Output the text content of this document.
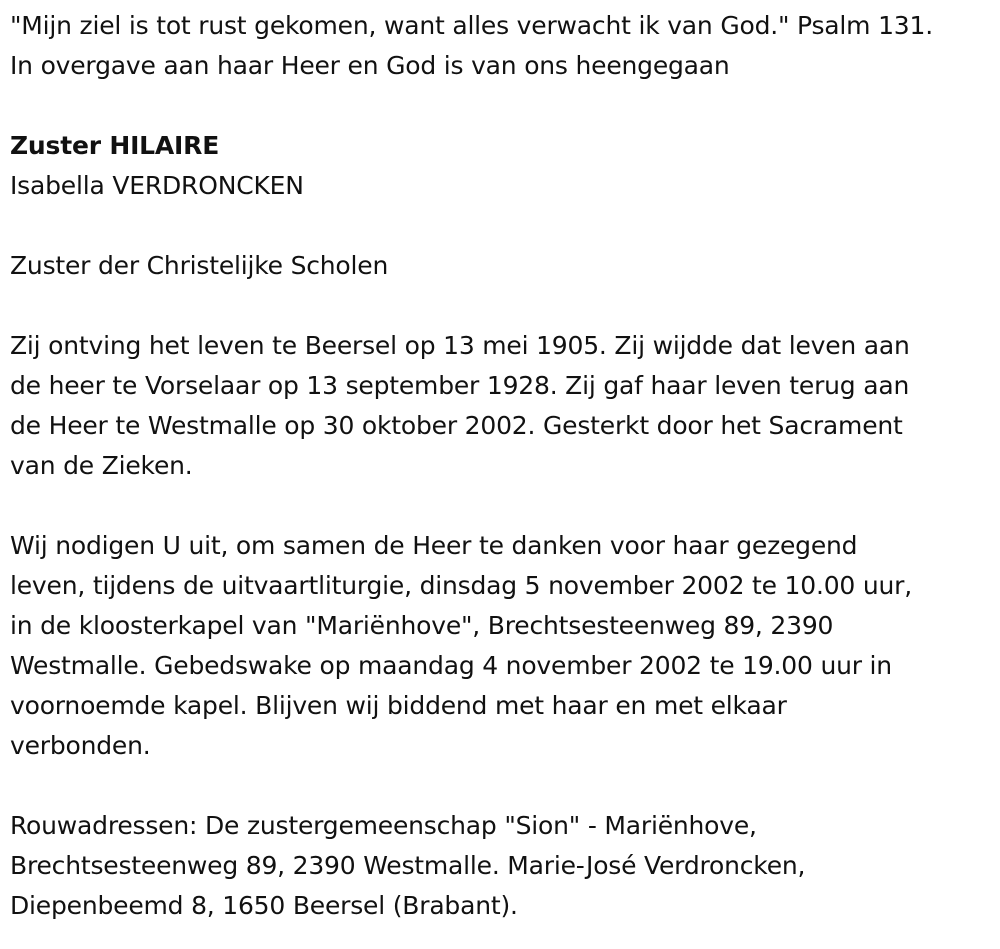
"Mijn ziel is tot rust gekomen, want alles verwacht ik van God." Psalm 131.
In overgave aan haar Heer en God is van ons heengegaan
Zuster HILAIRE
Isabella VERDRONCKEN
Zuster der Christelijke Scholen
Zij ontving het leven te Beersel op 13 mei 1905. Zij wijdde dat leven aan
de heer te Vorselaar op 13 september 1928. Zij gaf haar leven terug aan
de Heer te Westmalle op 30 oktober 2002. Gesterkt door het Sacrament
van de Zieken.
Wij nodigen U uit, om samen de Heer te danken voor haar gezegend
leven, tijdens de uitvaartliturgie, dinsdag 5 november 2002 te 10.00 uur,
in de kloosterkapel van "Mariënhove", Brechtsesteenweg 89, 2390
Westmalle. Gebedswake op maandag 4 november 2002 te 19.00 uur in
voornoemde kapel. Blijven wij biddend met haar en met elkaar
verbonden.
Rouwadressen: De zustergemeenschap "Sion" - Mariënhove,
Brechtsesteenweg 89, 2390 Westmalle. Marie-José Verdroncken,
Diepenbeemd 8, 1650 Beersel (Brabant).
